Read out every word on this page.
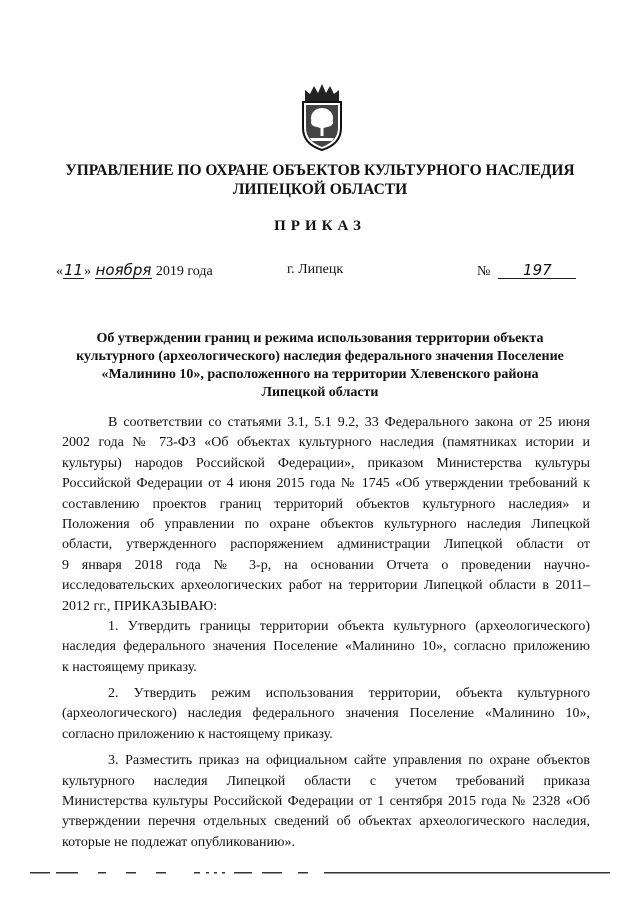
УПРАВЛЕНИЕ ПО ОХРАНЕ ОБЪЕКТОВ КУЛЬТУРНОГО НАСЛЕДИЯ
ЛИПЕЦКОЙ ОБЛАСТИ
ПРИКАЗ
«11» ноября 2019 года	г. Липецк	№ 197
Об утверждении границ и режима использования территории объекта
культурного (археологического) наследия федерального значения Поселение
«Малинино 10», расположенного на территории Хлевенского района
Липецкой области
В соответствии со статьями 3.1, 5.1 9.2, 33 Федерального закона от 25 июня
2002 года № 73-ФЗ «Об объектах культурного наследия (памятниках истории и
культуры) народов Российской Федерации», приказом Министерства культуры
Российской Федерации от 4 июня 2015 года № 1745 «Об утверждении требований к
составлению проектов границ территорий объектов культурного наследия» и
Положения об управлении по охране объектов культурного наследия Липецкой
области, утвержденного распоряжением администрации Липецкой области от
9 января 2018 года № 3-р, на основании Отчета о проведении научно-
исследовательских археологических работ на территории Липецкой области в 2011–
2012 гг., ПРИКАЗЫВАЮ:
1. Утвердить границы территории объекта культурного (археологического)
наследия федерального значения Поселение «Малинино 10», согласно приложению
к настоящему приказу.
2. Утвердить режим использования территории, объекта культурного
(археологического) наследия федерального значения Поселение «Малинино 10»,
согласно приложению к настоящему приказу.
3. Разместить приказ на официальном сайте управления по охране объектов
культурного наследия Липецкой области с учетом требований приказа
Министерства культуры Российской Федерации от 1 сентября 2015 года № 2328 «Об
утверждении перечня отдельных сведений об объектах археологического наследия,
которые не подлежат опубликованию».
